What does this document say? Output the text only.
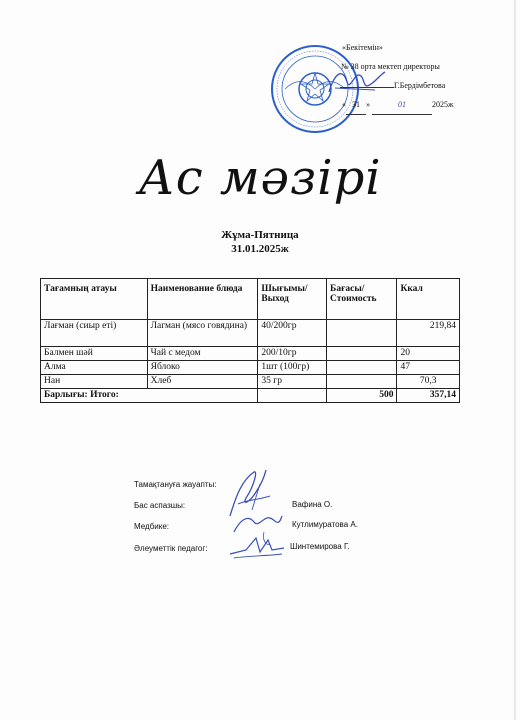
«Бекітемін»
№ 38 орта мектеп директоры
Г.Бердімбетова
« 31 »	01	2025ж
Ас мәзірі
Жұма-Пятница
31.01.2025ж
Тағамның атауы	Наименование блюда	Шығымы/ Выход	Бағасы/ Стоимость	Ккал
Лағман (сиыр еті)	Лагман (мясо говядина)	40/200гр		219,84
Балмен шәй	Чай с медом	200/10гр		20
Алма	Яблоко	1шт (100гр)		47
Нан	Хлеб	35 гр		70,3
Барлығы: Итого:			500	357,14
Тамақтануға жауапты:
Бас аспазшы:	Вафина О.
Медбике:	Кутлимуратова А.
Әлеуметтік педагог:	Шинтемирова Г.
